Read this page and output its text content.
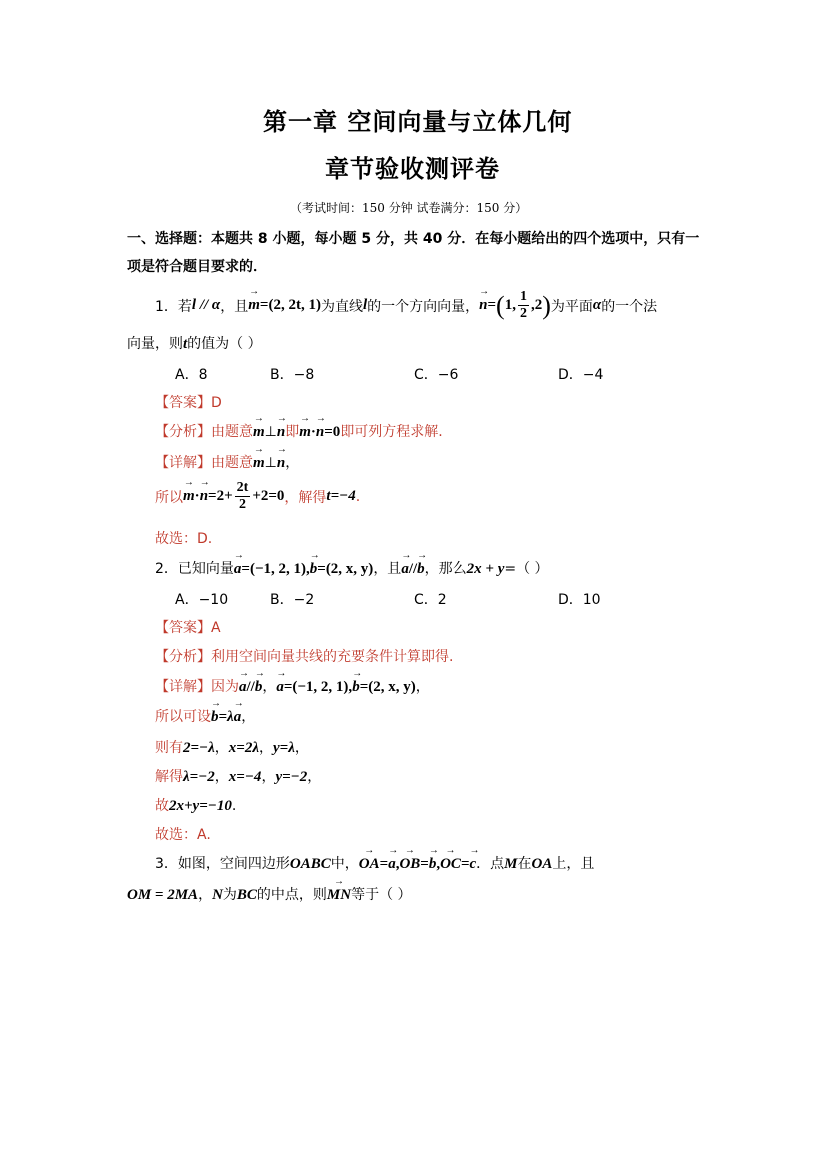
第一章 空间向量与立体几何
章节验收测评卷
（考试时间：150 分钟 试卷满分：150 分）
一、选择题：本题共 8 小题，每小题 5 分，共 40 分．在每小题给出的四个选项中，只有一
项是符合题目要求的．
1．若 l // α ，且 → m =(2, 2t, 1) 为直线 l 的一个方向向量， → n = ( 1, $\frac{1}{2} ,2$ ) 为平面 α 的一个法
向量，则t的值为（ ）
A．8	B．−8	C．−6	D．−4
【答案】D
【分析】 由题意 → m ⊥ → n 即 → m · → n =0 即可列方程求解.
【详解】 由题意 → m ⊥ → n ，
所以 → m · → $n =2+ \frac{2t}{2} +2=0$ ，解得 t=−4 .
故选：D.
2．已知向量 → a =(−1, 2, 1), → b =(2, x, y) ，且 → a // → b ，那么 2x + y =（ ）
A．−10	B．−2	C．2	D．10
【答案】A
【分析】利用空间向量共线的充要条件计算即得.
【详解】 因为 → a // → b ， → a =(−1, 2, 1), → b =(2, x, y) ，
所以可设 → b =λ → a ，
则有2=−λ，x=2λ，y=λ，
解得λ=−2，x=−4，y=−2，
故2x+y=−10.
故选：A.
3．如图，空间四边形 OABC 中， → OA = → a , → OB = → b , → OC = → c ．点 M 在 OA 上，且
OM = 2MA ， N 为 BC 的中点，则 → MN 等于（ ）
